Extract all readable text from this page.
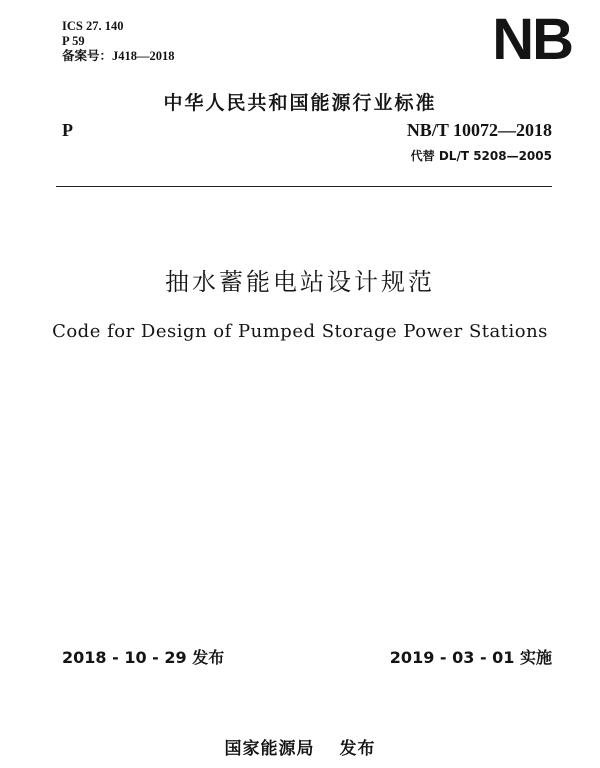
ICS 27. 140
P 59
备案号：J418—2018	NB
中华人民共和国能源行业标准
P	NB/T 10072—2018
代替 DL/T 5208—2005
抽水蓄能电站设计规范
Code for Design of Pumped Storage Power Stations
2018 - 10 - 29 发布	2019 - 03 - 01 实施
国家能源局 发布
